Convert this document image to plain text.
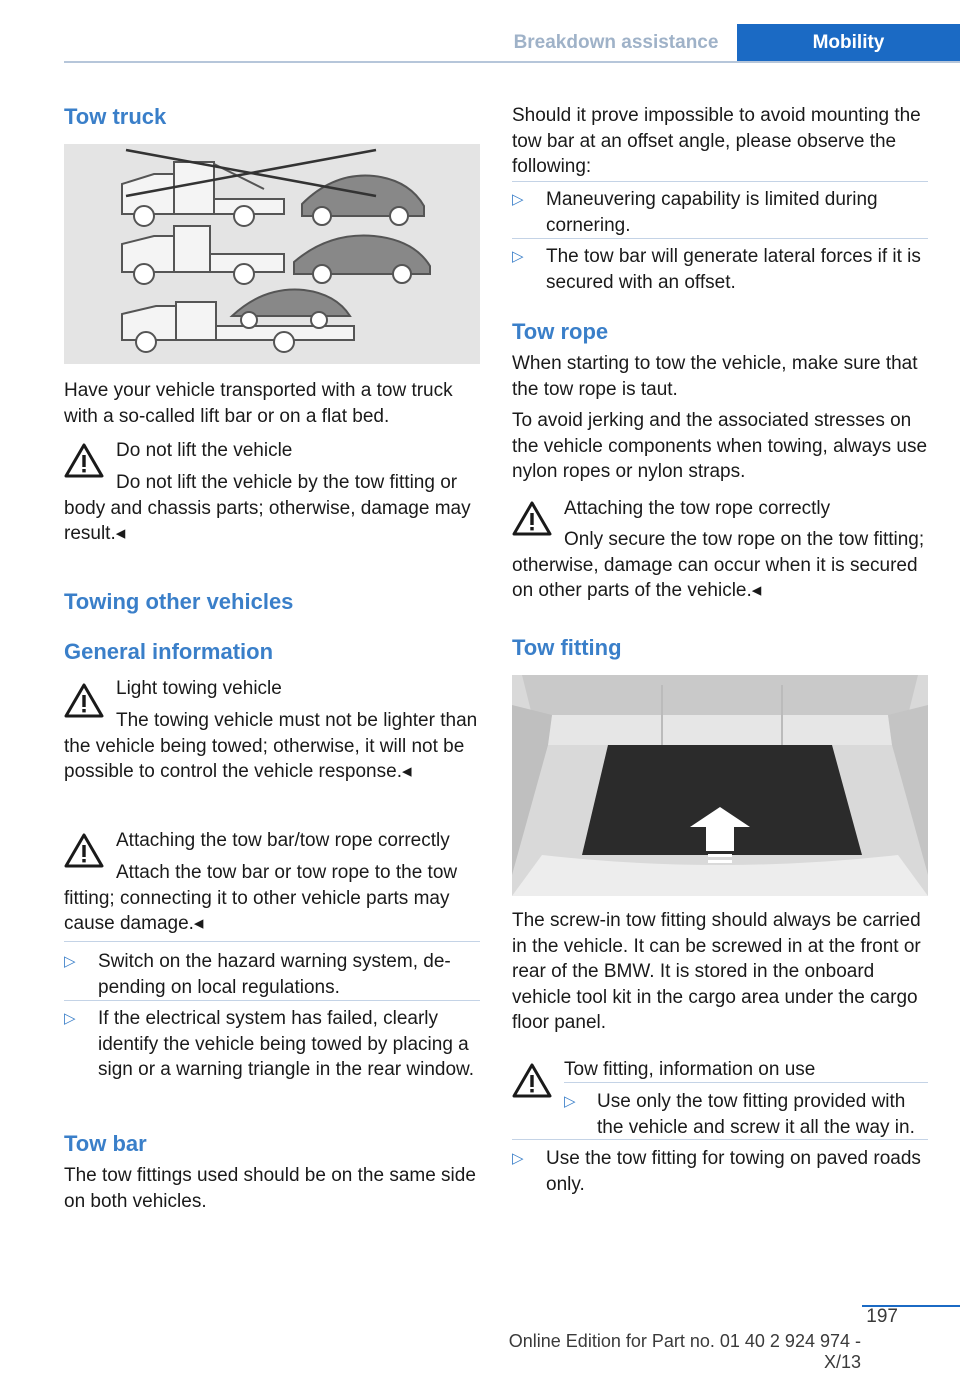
Breakdown assistance	Mobility
Tow truck
Have your vehicle transported with a tow truck with a so-called lift bar or on a flat bed.
Do not lift the vehicle
Do not lift the vehicle by the tow fitting or body and chassis parts; otherwise, damage may result.◂
Towing other vehicles
General information
Light towing vehicle
The towing vehicle must not be lighter than the vehicle being towed; otherwise, it will not be possible to control the vehicle response.◂
Attaching the tow bar/tow rope correctly
Attach the tow bar or tow rope to the tow fitting; connecting it to other vehicle parts may cause damage.◂
▷ Switch on the hazard warning system, depending on local regulations.
▷ If the electrical system has failed, clearly identify the vehicle being towed by placing a sign or a warning triangle in the rear window.
Tow bar
The tow fittings used should be on the same side on both vehicles.
Should it prove impossible to avoid mounting the tow bar at an offset angle, please observe the following:
▷ Maneuvering capability is limited during cornering.
▷ The tow bar will generate lateral forces if it is secured with an offset.
Tow rope
When starting to tow the vehicle, make sure that the tow rope is taut.
To avoid jerking and the associated stresses on the vehicle components when towing, always use nylon ropes or nylon straps.
Attaching the tow rope correctly
Only secure the tow rope on the tow fitting; otherwise, damage can occur when it is secured on other parts of the vehicle.◂
Tow fitting
The screw-in tow fitting should always be carried in the vehicle. It can be screwed in at the front or rear of the BMW. It is stored in the onboard vehicle tool kit in the cargo area under the cargo floor panel.
Tow fitting, information on use
▷ Use only the tow fitting provided with the vehicle and screw it all the way in.
▷ Use the tow fitting for towing on paved roads only.
197
Online Edition for Part no. 01 40 2 924 974 - X/13
